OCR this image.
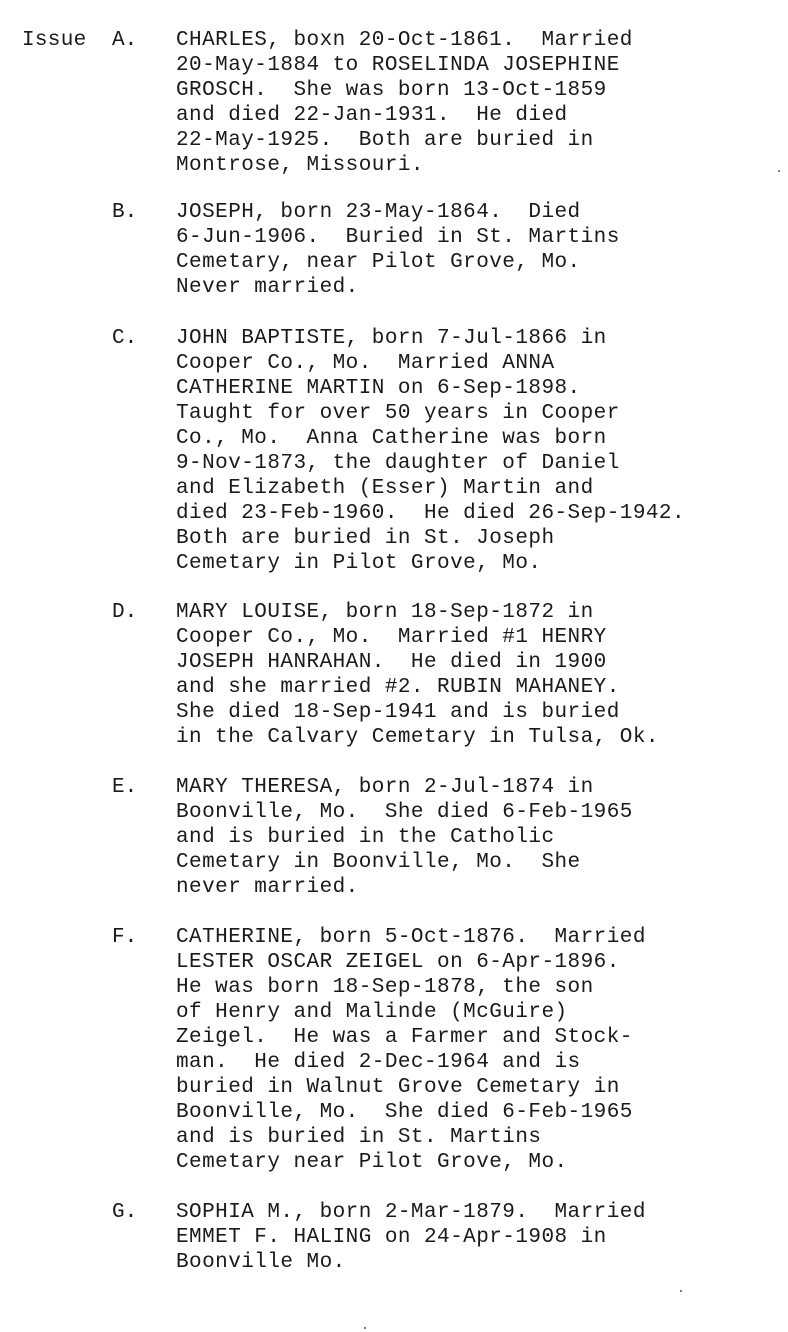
Issue A.	CHARLES, boxn 20-Oct-1861.  Married
20-May-1884 to ROSELINDA JOSEPHINE
GROSCH.  She was born 13-Oct-1859
and died 22-Jan-1931.  He died
22-May-1925.  Both are buried in
Montrose, Missouri.
B.	JOSEPH, born 23-May-1864.  Died
6-Jun-1906.  Buried in St. Martins
Cemetary, near Pilot Grove, Mo.
Never married.
C.	JOHN BAPTISTE, born 7-Jul-1866 in
Cooper Co., Mo.  Married ANNA
CATHERINE MARTIN on 6-Sep-1898.
Taught for over 50 years in Cooper
Co., Mo.  Anna Catherine was born
9-Nov-1873, the daughter of Daniel
and Elizabeth (Esser) Martin and
died 23-Feb-1960.  He died 26-Sep-1942.
Both are buried in St. Joseph
Cemetary in Pilot Grove, Mo.
D.	MARY LOUISE, born 18-Sep-1872 in
Cooper Co., Mo.  Married #1 HENRY
JOSEPH HANRAHAN.  He died in 1900
and she married #2. RUBIN MAHANEY.
She died 18-Sep-1941 and is buried
in the Calvary Cemetary in Tulsa, Ok.
E.	MARY THERESA, born 2-Jul-1874 in
Boonville, Mo.  She died 6-Feb-1965
and is buried in the Catholic
Cemetary in Boonville, Mo.  She
never married.
F.	CATHERINE, born 5-Oct-1876.  Married
LESTER OSCAR ZEIGEL on 6-Apr-1896.
He was born 18-Sep-1878, the son
of Henry and Malinde (McGuire)
Zeigel.  He was a Farmer and Stock-
man.  He died 2-Dec-1964 and is
buried in Walnut Grove Cemetary in
Boonville, Mo.  She died 6-Feb-1965
and is buried in St. Martins
Cemetary near Pilot Grove, Mo.
G.	SOPHIA M., born 2-Mar-1879.  Married
EMMET F. HALING on 24-Apr-1908 in
Boonville Mo.
